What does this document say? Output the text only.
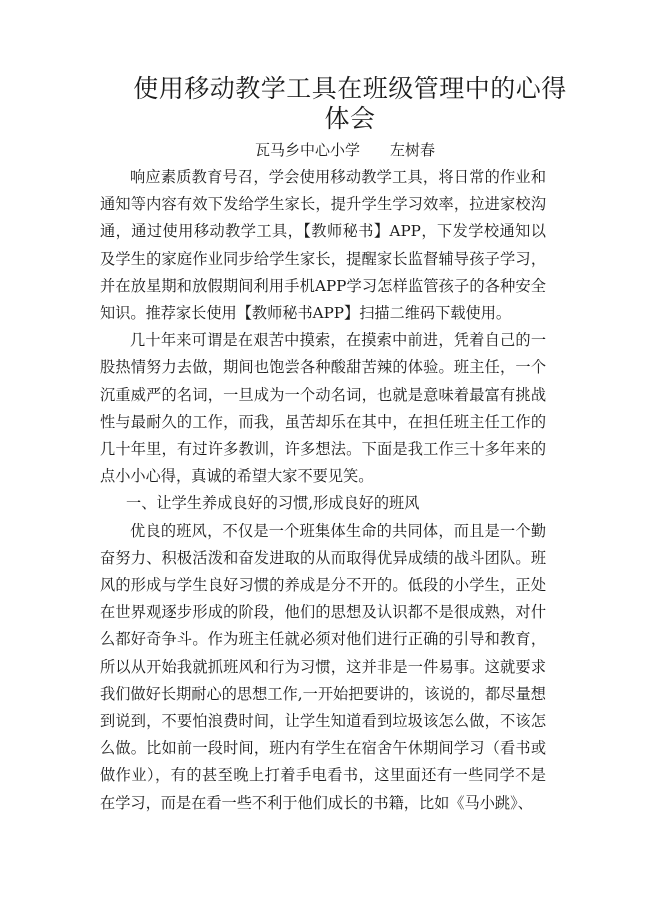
使用移动教学工具在班级管理中的心得体会
瓦马乡中心小学 左树春

响应素质教育号召，学会使用移动教学工具，将日常的作业和通知等内容有效下发给学生家长，提升学生学习效率，拉进家校沟通，通过使用移动教学工具，【教师秘书】APP，下发学校通知以及学生的家庭作业同步给学生家长，提醒家长监督辅导孩子学习，并在放星期和放假期间利用手机APP学习怎样监管孩子的各种安全知识。推荐家长使用【教师秘书APP】扫描二维码下载使用。

几十年来可谓是在艰苦中摸索，在摸索中前进，凭着自己的一股热情努力去做，期间也饱尝各种酸甜苦辣的体验。班主任，一个沉重威严的名词，一旦成为一个动名词，也就是意味着最富有挑战性与最耐久的工作，而我，虽苦却乐在其中，在担任班主任工作的几十年里，有过许多教训，许多想法。下面是我工作三十多年来的点小小心得，真诚的希望大家不要见笑。

一、让学生养成良好的习惯,形成良好的班风

优良的班风，不仅是一个班集体生命的共同体，而且是一个勤奋努力、积极活泼和奋发进取的从而取得优异成绩的战斗团队。班风的形成与学生良好习惯的养成是分不开的。低段的小学生，正处在世界观逐步形成的阶段，他们的思想及认识都不是很成熟，对什么都好奇争斗。作为班主任就必须对他们进行正确的引导和教育，所以从开始我就抓班风和行为习惯，这并非是一件易事。这就要求我们做好长期耐心的思想工作,一开始把要讲的，该说的，都尽量想到说到，不要怕浪费时间，让学生知道看到垃圾该怎么做，不该怎么做。比如前一段时间，班内有学生在宿舍午休期间学习（看书或做作业），有的甚至晚上打着手电看书，这里面还有一些同学不是在学习，而是在看一些不利于他们成长的书籍，比如《马小跳》、
